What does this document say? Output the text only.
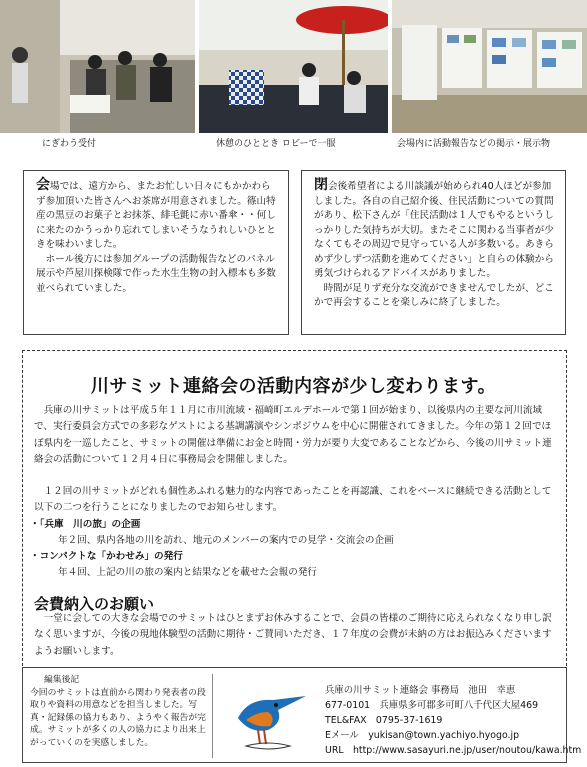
にぎわう受付	休憩のひととき ロビーで一服	会場内に活動報告などの掲示・展示物

会場では、遠方から、またお忙しい日々にもかかわらず参加頂いた皆さんへお茶席が用意されました。篠山特産の黒豆のお菓子とお抹茶、緋毛氈に赤い番傘・・何しに来たのかうっかり忘れてしまいそうなうれしいひとときを味わいました。

ホール後方には参加グループの活動報告などのパネル展示や芦屋川探検隊で作った水生生物の封入標本も多数並べられていました。

閉会後希望者による川談議が始められ40人ほどが参加しました。各自の自己紹介後、住民活動についての質問があり、松下さんが「住民活動は１人でもやるというしっかりした気持ちが大切。またそこに関わる当事者が少なくてもその周辺で見守っている人が多数いる。あきらめず少しずつ活動を進めてください」と自らの体験から勇気づけられるアドバイスがありました。

時間が足りず充分な交流ができませんでしたが、どこかで再会することを楽しみに終了しました。

川サミット連絡会の活動内容が少し変わります。
兵庫の川サミットは平成５年１１月に市川流域・福崎町エルデホールで第１回が始まり、以後県内の主要な河川流域で、実行委員会方式での多彩なゲストによる基調講演やシンポジウムを中心に開催されてきました。今年の第１２回でほぼ県内を一巡したこと、サミットの開催は準備にお金と時間・労力が要り大変であることなどから、今後の川サミット連絡会の活動について１２月４日に事務局会を開催しました。
１２回の川サミットがどれも個性あふれる魅力的な内容であったことを再認識、これをベースに継続できる活動として以下の二つを行うことになりましたのでお知らせします。
・「兵庫　川の旅」の企画
年２回、県内各地の川を訪れ、地元のメンバーの案内での見学・交流会の企画
・コンパクトな「かわせみ」の発行
年４回、上記の川の旅の案内と結果などを載せた会報の発行
会費納入のお願い
一堂に会しての大きな会場でのサミットはひとまずお休みすることで、会員の皆様のご期待に応えられなくなり申し訳なく思いますが、今後の現地体験型の活動に期待・ご賛同いただき、１７年度の会費が未納の方はお振込みくださいますようお願いします。
編集後記
今回のサミットは直前から関わり発表者の段取りや資料の用意などを担当しました。写真・記録係の協力もあり、ようやく報告が完成。サミットが多くの人の協力により出来上がっていくのを実感しました。
兵庫の川サミット連絡会 事務局　池田　幸恵
677-0101　兵庫県多可郡多可町八千代区大屋469
TEL&FAX　0795-37-1619
Eメール　yukisan@town.yachiyo.hyogo.jp
URL　http://www.sasayuri.ne.jp/user/noutou/kawa.htm
